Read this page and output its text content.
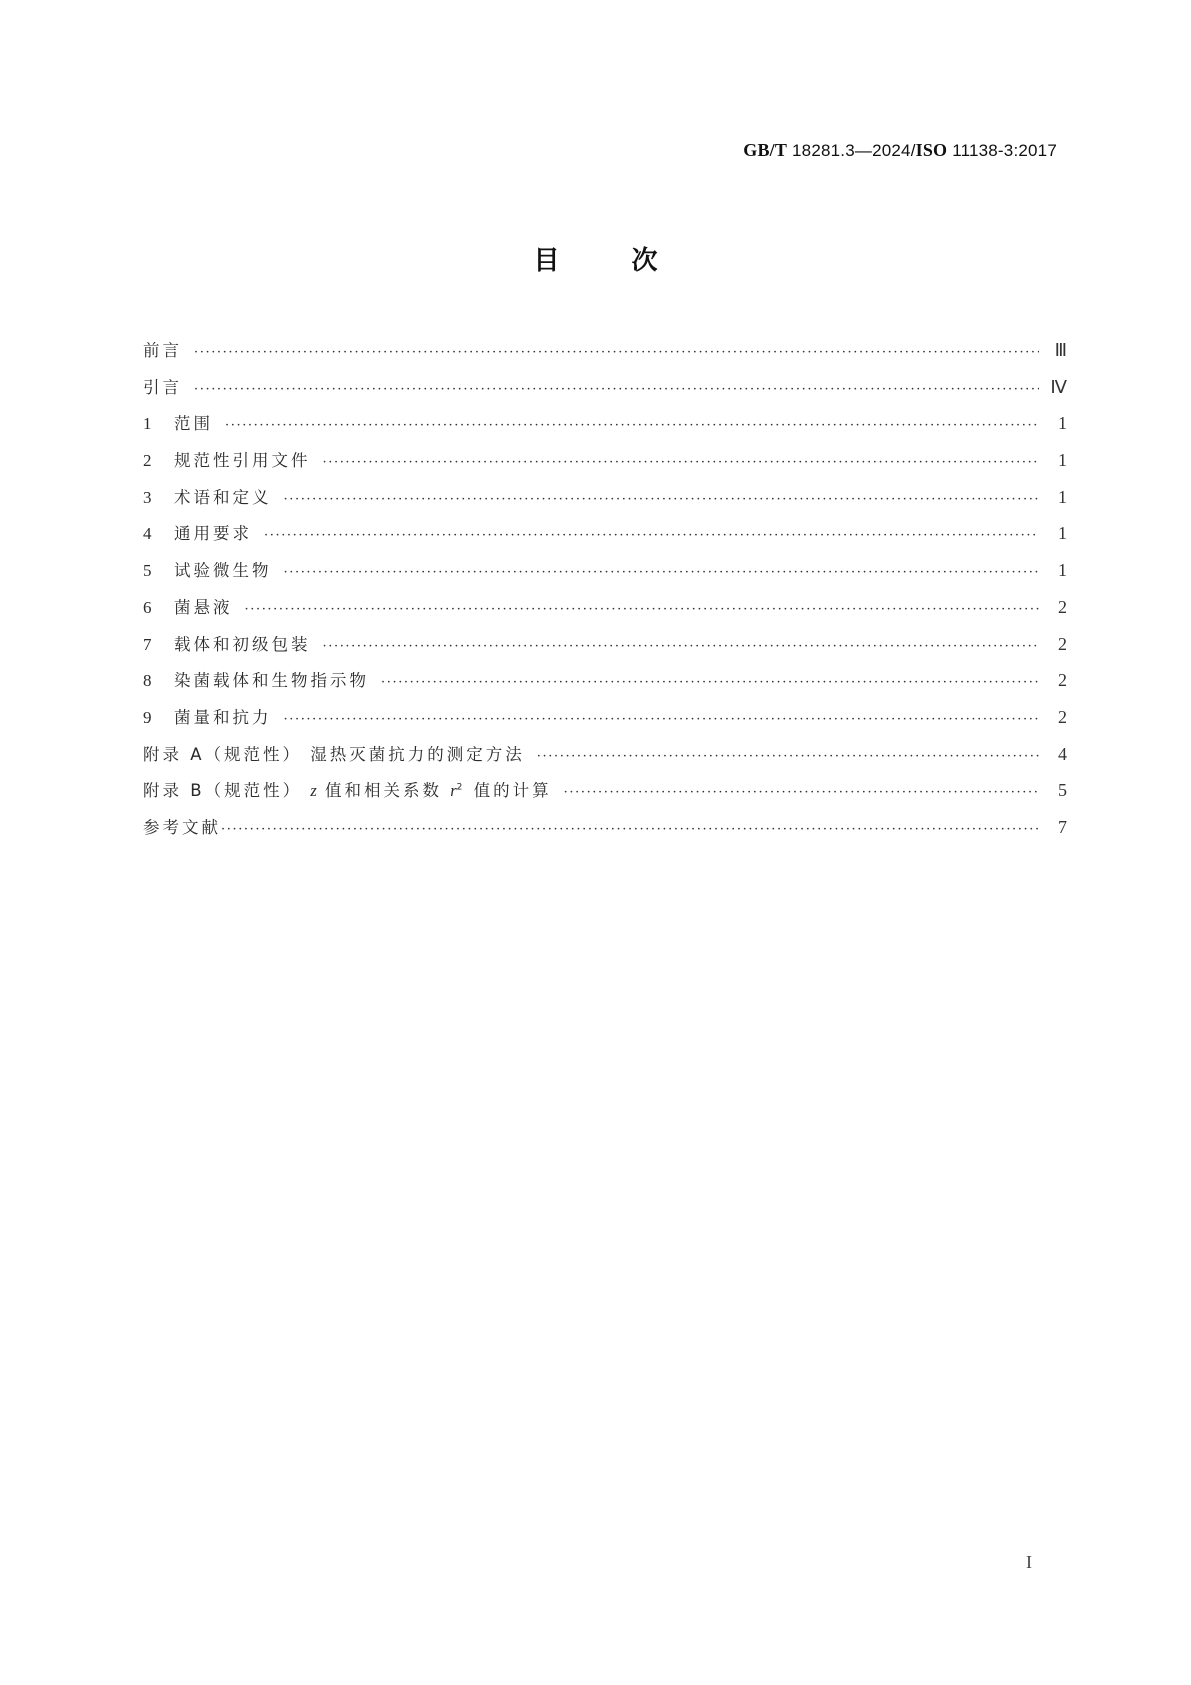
GB/T 18281.3—2024/ISO 11138-3:2017
目	次
前言 ·····	Ⅲ
引言 ·····	Ⅳ
1	范围 ·····	1
2	规范性引用文件 ·····	1
3	术语和定义 ·····	1
4	通用要求 ·····	1
5	试验微生物 ·····	1
6	菌悬液 ·····	2
7	载体和初级包装 ·····	2
8	染菌载体和生物指示物 ·····	2
9	菌量和抗力 ·····	2
附录 A（规范性） 湿热灭菌抗力的测定方法 ·····	4
附录 B（规范性） z 值和相关系数 $r^2$ 值的计算 ·····	5
参考文献 ·····	7
I
